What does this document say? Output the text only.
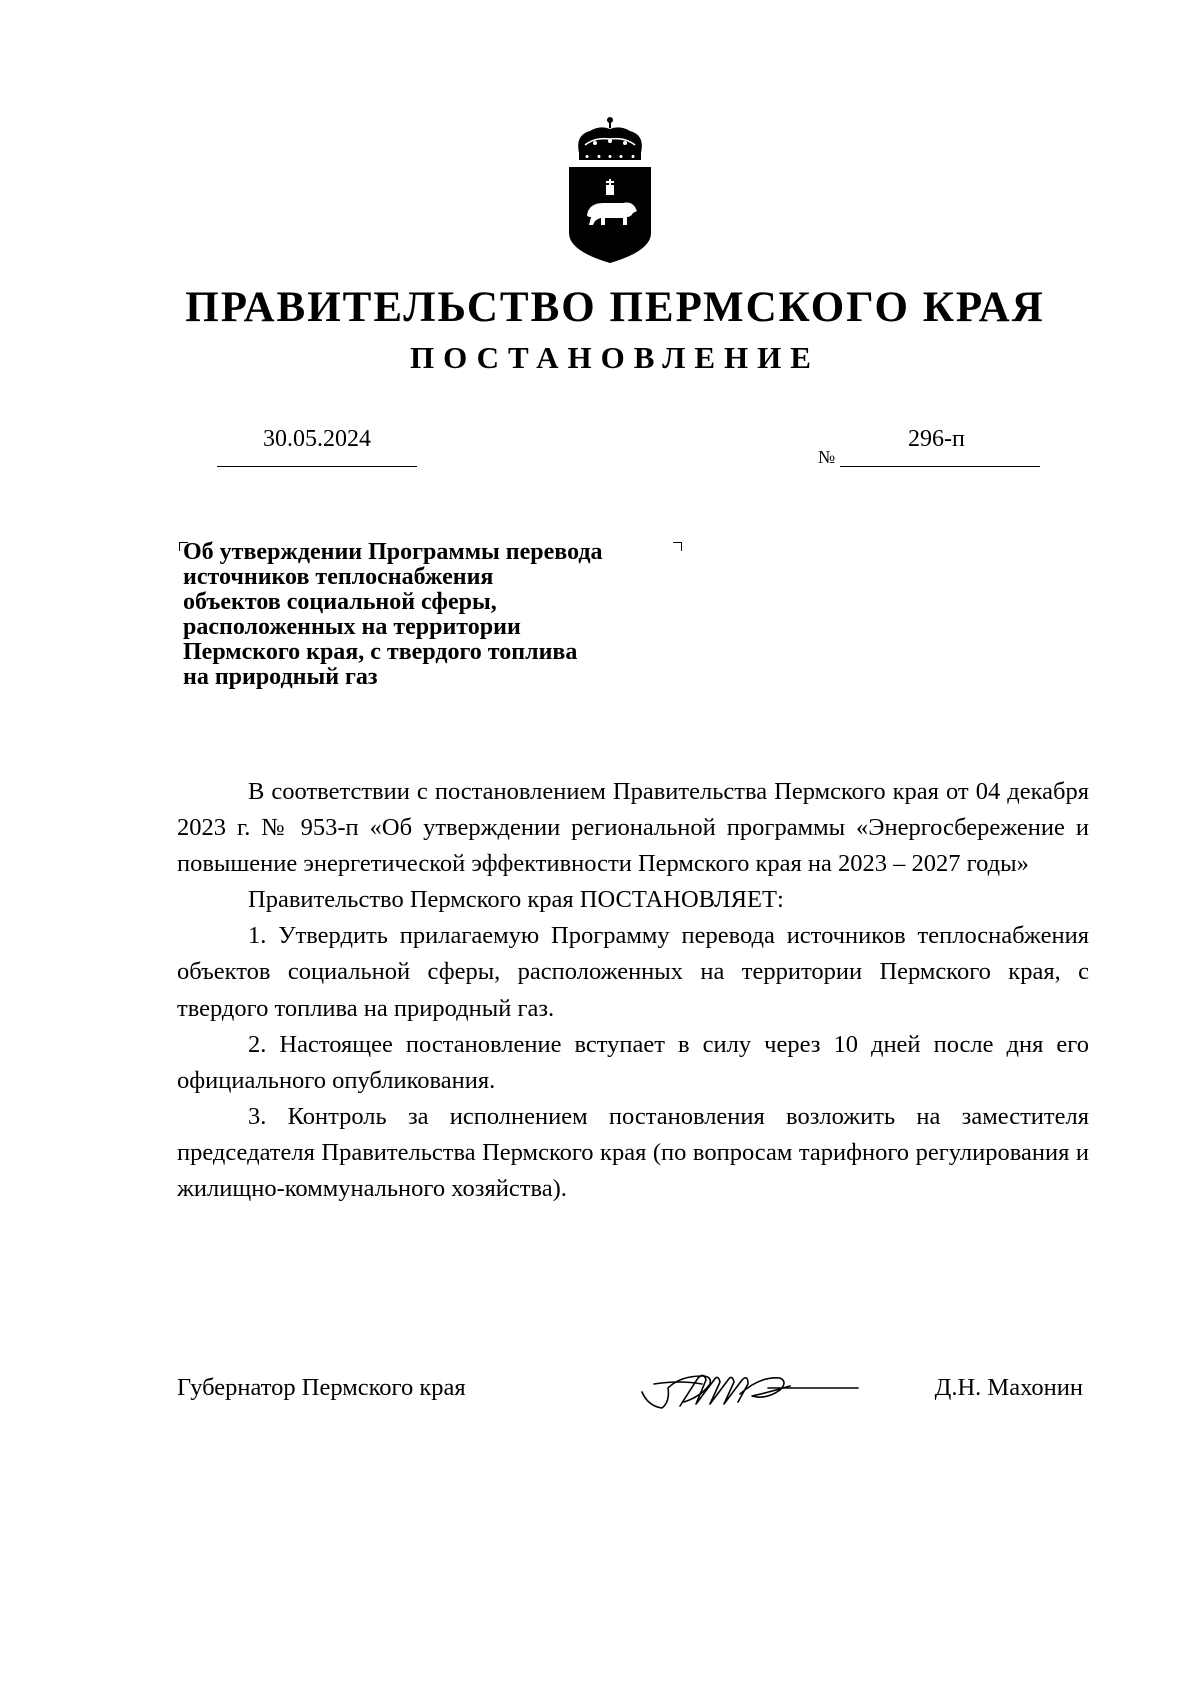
ПРАВИТЕЛЬСТВО ПЕРМСКОГО КРАЯ
ПОСТАНОВЛЕНИЕ
30.05.2024
№
296-п
Об утверждении Программы перевода
источников теплоснабжения
объектов социальной сферы,
расположенных на территории
Пермского края, с твердого топлива
на природный газ

В соответствии с постановлением Правительства Пермского края от 04 декабря 2023 г. № 953-п «Об утверждении региональной программы «Энергосбережение и повышение энергетической эффективности Пермского края на 2023 – 2027 годы»

Правительство Пермского края ПОСТАНОВЛЯЕТ:

1. Утвердить прилагаемую Программу перевода источников теплоснабжения объектов социальной сферы, расположенных на территории Пермского края, с твердого топлива на природный газ.

2. Настоящее постановление вступает в силу через 10 дней после дня его официального опубликования.

3. Контроль за исполнением постановления возложить на заместителя председателя Правительства Пермского края (по вопросам тарифного регулирования и жилищно-коммунального хозяйства).

Губернатор Пермского края	Д.Н. Махонин
